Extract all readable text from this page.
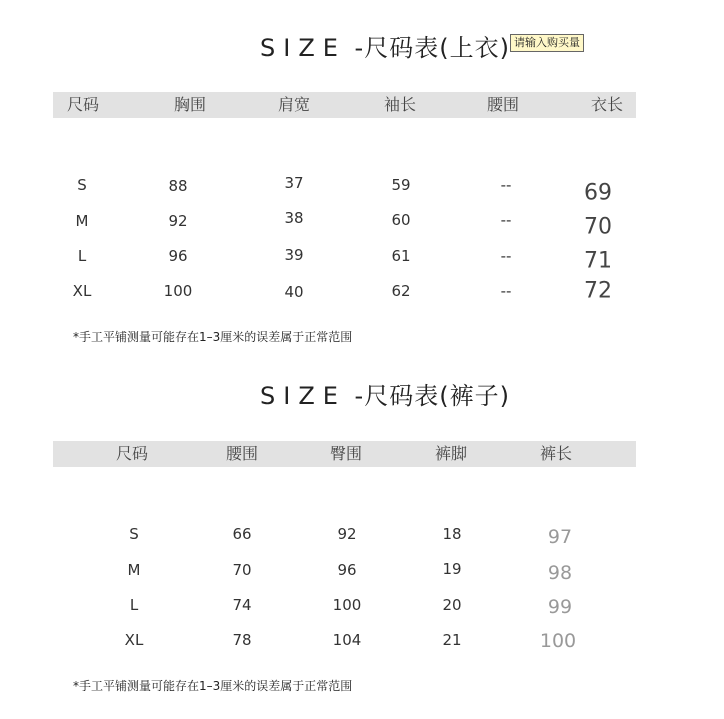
SIZE -尺码表(上衣) 请输入购买量
尺码	胸围	肩宽	袖长	腰围	衣长
S	88	37	59	--	69
M	92	38	60	--	70
L	96	39	61	--	71
XL	100	40	62	--	72
*手工平铺测量可能存在1–3厘米的误差属于正常范围
SIZE -尺码表(裤子)
尺码	腰围	臀围	裤脚	裤长
S	66	92	18	97
M	70	96	19	98
L	74	100	20	99
XL	78	104	21	100
*手工平铺测量可能存在1–3厘米的误差属于正常范围
